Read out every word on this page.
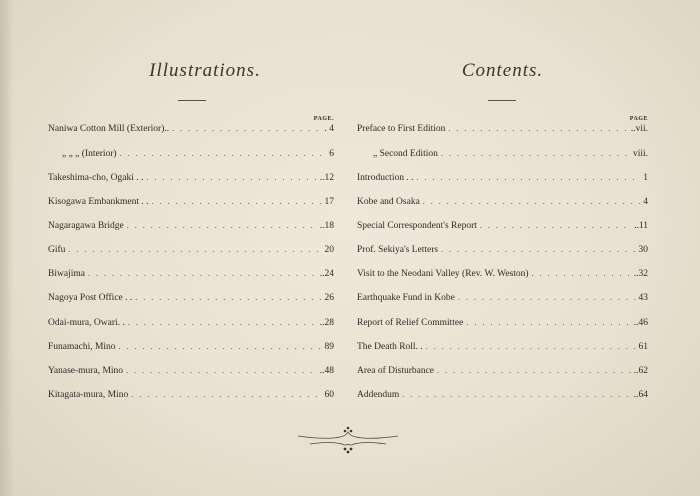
Illustrations.
PAGE.
Naniwa Cotton Mill (Exterior).. . . .	. 4
„ „ „ (Interior) . . .	6
Takeshima-cho, Ogaki . . . . .	..12
Kisogawa Embankment . . . . .	17
Nagaragawa Bridge . . .	..18
Gifu . . .	20
Biwajima . . .	..24
Nagoya Post Office . . . . .	26
Odai-mura, Owari. . . . .	..28
Funamachi, Mino . . .	89
Yanase-mura, Mino . . .	..48
Kitagata-mura, Mino . . .	60
Contents.
PAGE
Preface to First Edition . . .	..vii.
„ Second Edition . . .	viii.
Introduction . . . . .	1
Kobe and Osaka . . .	4
Special Correspondent's Report . . .	..11
Prof. Sekiya's Letters . . .	30
Visit to the Neodani Valley (Rev. W. Weston) . . .	..32
Earthquake Fund in Kobe . . .	43
Report of Relief Committee . . .	..46
The Death Roll. . . . .	61
Area of Disturbance . . .	..62
Addendum . . .	..64
